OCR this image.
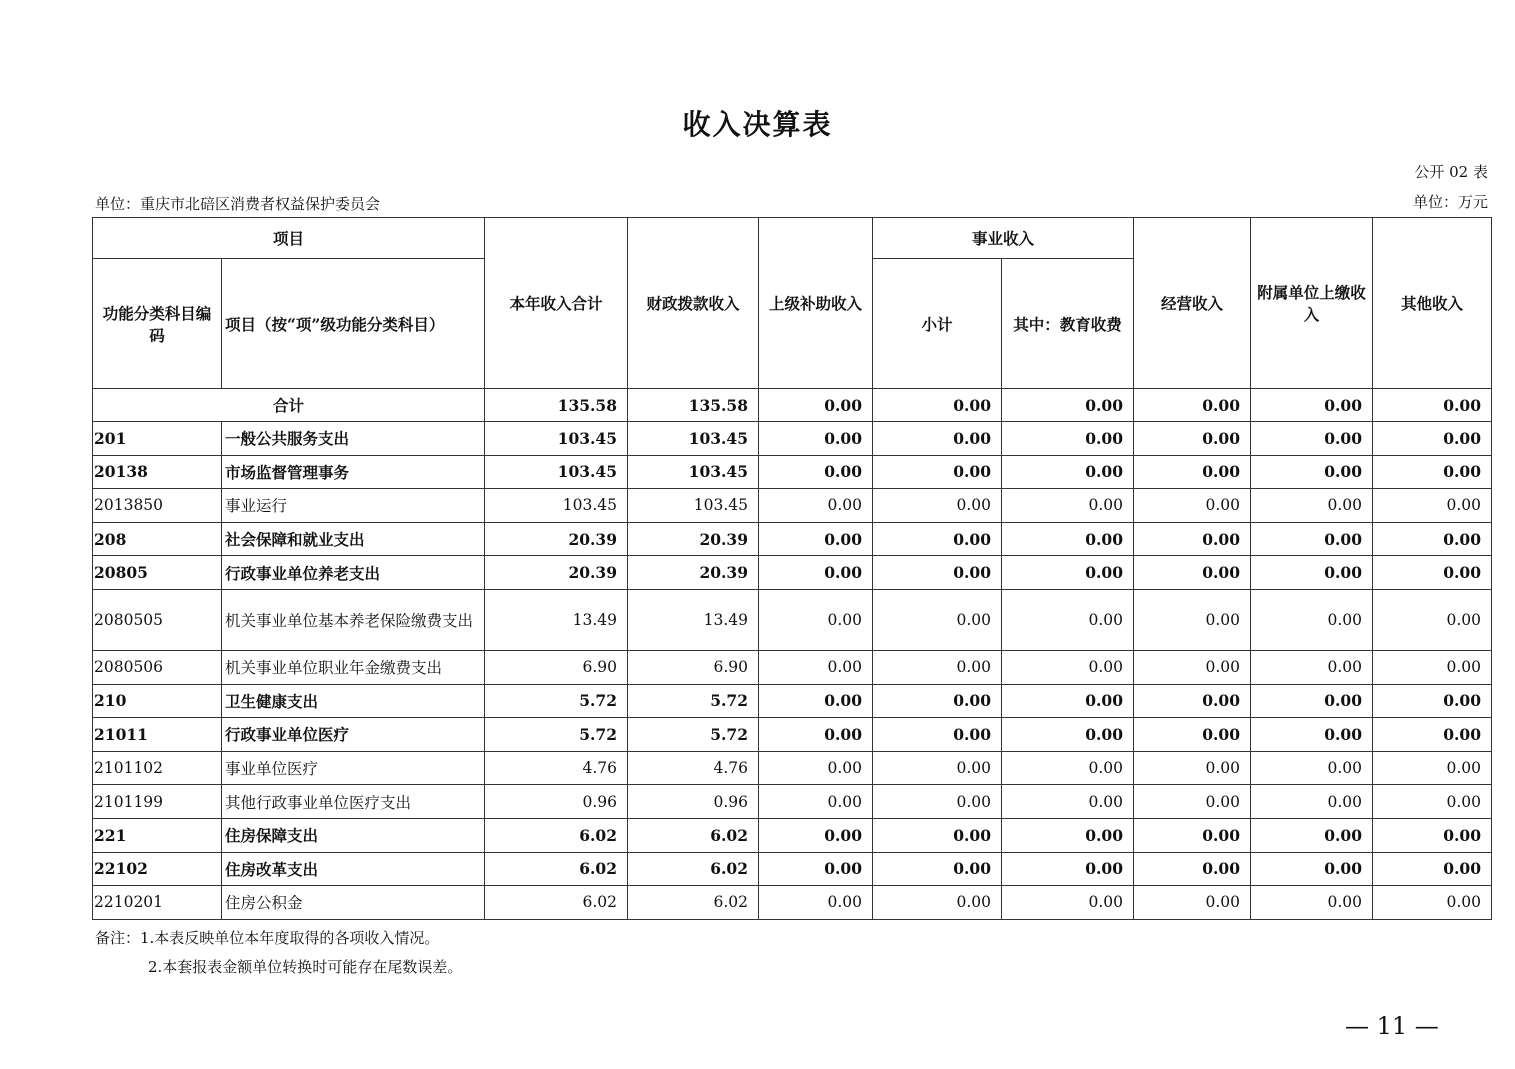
收入决算表
公开 02 表
单位：重庆市北碚区消费者权益保护委员会	单位：万元
项目		本年收入合计	财政拨款收入	上级补助收入	事业收入		经营收入	附属单位上缴收入	其他收入
功能分类科目编码	项目（按“项”级功能分类科目）				小计	其中：教育收费			
合计		135.58	135.58	0.00	0.00	0.00	0.00	0.00	0.00
201	一般公共服务支出	103.45	103.45	0.00	0.00	0.00	0.00	0.00	0.00
20138	市场监督管理事务	103.45	103.45	0.00	0.00	0.00	0.00	0.00	0.00
2013850	事业运行	103.45	103.45	0.00	0.00	0.00	0.00	0.00	0.00
208	社会保障和就业支出	20.39	20.39	0.00	0.00	0.00	0.00	0.00	0.00
20805	行政事业单位养老支出	20.39	20.39	0.00	0.00	0.00	0.00	0.00	0.00
2080505	机关事业单位基本养老保险缴费支出	13.49	13.49	0.00	0.00	0.00	0.00	0.00	0.00
2080506	机关事业单位职业年金缴费支出	6.90	6.90	0.00	0.00	0.00	0.00	0.00	0.00
210	卫生健康支出	5.72	5.72	0.00	0.00	0.00	0.00	0.00	0.00
21011	行政事业单位医疗	5.72	5.72	0.00	0.00	0.00	0.00	0.00	0.00
2101102	事业单位医疗	4.76	4.76	0.00	0.00	0.00	0.00	0.00	0.00
2101199	其他行政事业单位医疗支出	0.96	0.96	0.00	0.00	0.00	0.00	0.00	0.00
221	住房保障支出	6.02	6.02	0.00	0.00	0.00	0.00	0.00	0.00
22102	住房改革支出	6.02	6.02	0.00	0.00	0.00	0.00	0.00	0.00
2210201	住房公积金	6.02	6.02	0.00	0.00	0.00	0.00	0.00	0.00
备注：1.本表反映单位本年度取得的各项收入情况。
2.本套报表金额单位转换时可能存在尾数误差。
— 11 —
